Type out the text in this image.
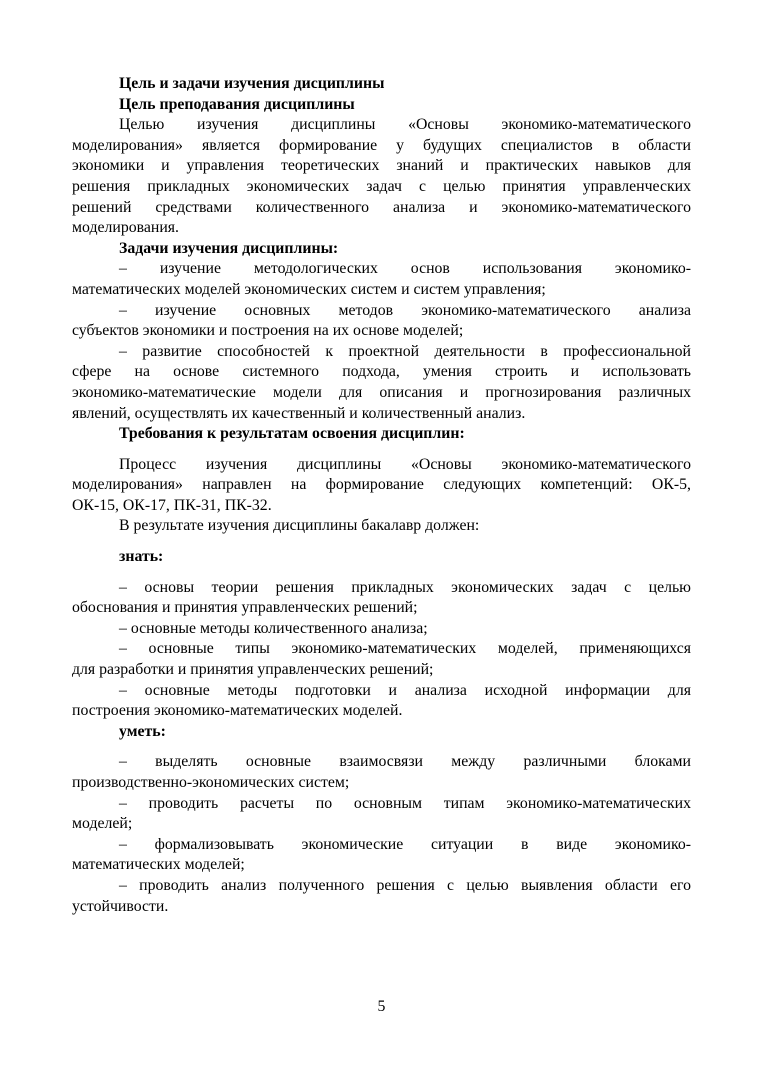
Цель и задачи изучения дисциплины
Цель преподавания дисциплины
Целью изучения дисциплины «Основы экономико-математического
моделирования» является формирование у будущих специалистов в области
экономики и управления теоретических знаний и практических навыков для
решения прикладных экономических задач с целью принятия управленческих
решений средствами количественного анализа и экономико-математического
моделирования.
Задачи изучения дисциплины:
– изучение методологических основ использования экономико-
математических моделей экономических систем и систем управления;
– изучение основных методов экономико-математического анализа
субъектов экономики и построения на их основе моделей;
– развитие способностей к проектной деятельности в профессиональной
сфере на основе системного подхода, умения строить и использовать
экономико-математические модели для описания и прогнозирования различных
явлений, осуществлять их качественный и количественный анализ.
Требования к результатам освоения дисциплин:
Процесс изучения дисциплины «Основы экономико-математического
моделирования» направлен на формирование следующих компетенций: ОК-5,
ОК-15, ОК-17, ПК-31, ПК-32.
В результате изучения дисциплины бакалавр должен:
знать:
– основы теории решения прикладных экономических задач с целью
обоснования и принятия управленческих решений;
– основные методы количественного анализа;
– основные типы экономико-математических моделей, применяющихся
для разработки и принятия управленческих решений;
– основные методы подготовки и анализа исходной информации для
построения экономико-математических моделей.
уметь:
– выделять основные взаимосвязи между различными блоками
производственно-экономических систем;
– проводить расчеты по основным типам экономико-математических
моделей;
– формализовывать экономические ситуации в виде экономико-
математических моделей;
– проводить анализ полученного решения с целью выявления области его
устойчивости.
5
